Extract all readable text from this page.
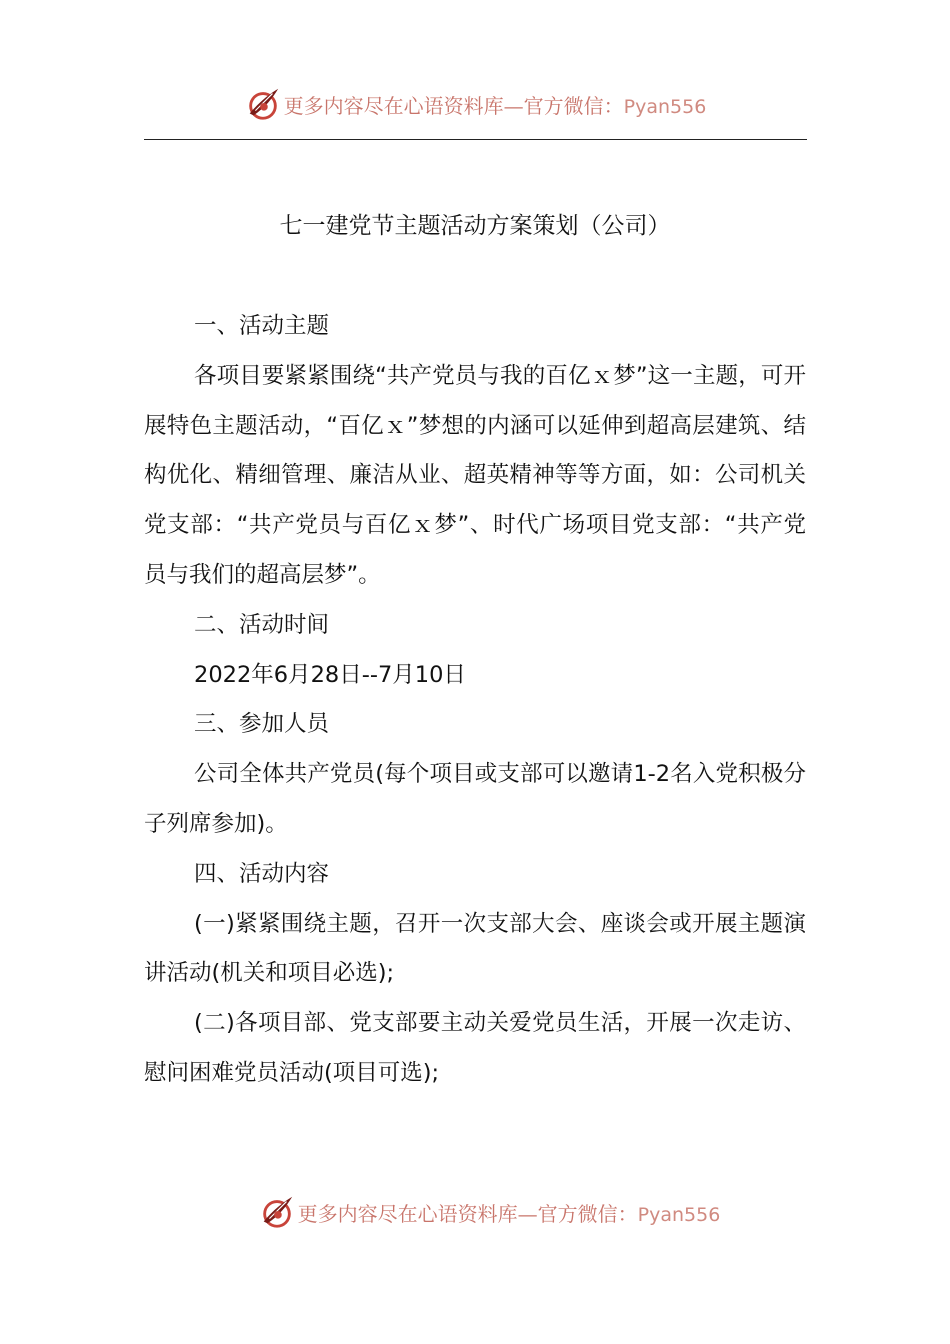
更多内容尽在心语资料库—官方微信：Pyan556
七一建党节主题活动方案策划（公司）

一、活动主题

各项目要紧紧围绕“共产党员与我的百亿ｘ梦”这一主题，可开展特色主题活动，“百亿ｘ”梦想的内涵可以延伸到超高层建筑、结构优化、精细管理、廉洁从业、超英精神等等方面，如：公司机关党支部：“共产党员与百亿ｘ梦”、时代广场项目党支部：“共产党员与我们的超高层梦”。

二、活动时间

2022年6月28日--7月10日

三、参加人员

公司全体共产党员(每个项目或支部可以邀请1-2名入党积极分子列席参加)。

四、活动内容

(一)紧紧围绕主题，召开一次支部大会、座谈会或开展主题演讲活动(机关和项目必选);

(二)各项目部、党支部要主动关爱党员生活，开展一次走访、慰问困难党员活动(项目可选);

更多内容尽在心语资料库—官方微信：Pyan556
